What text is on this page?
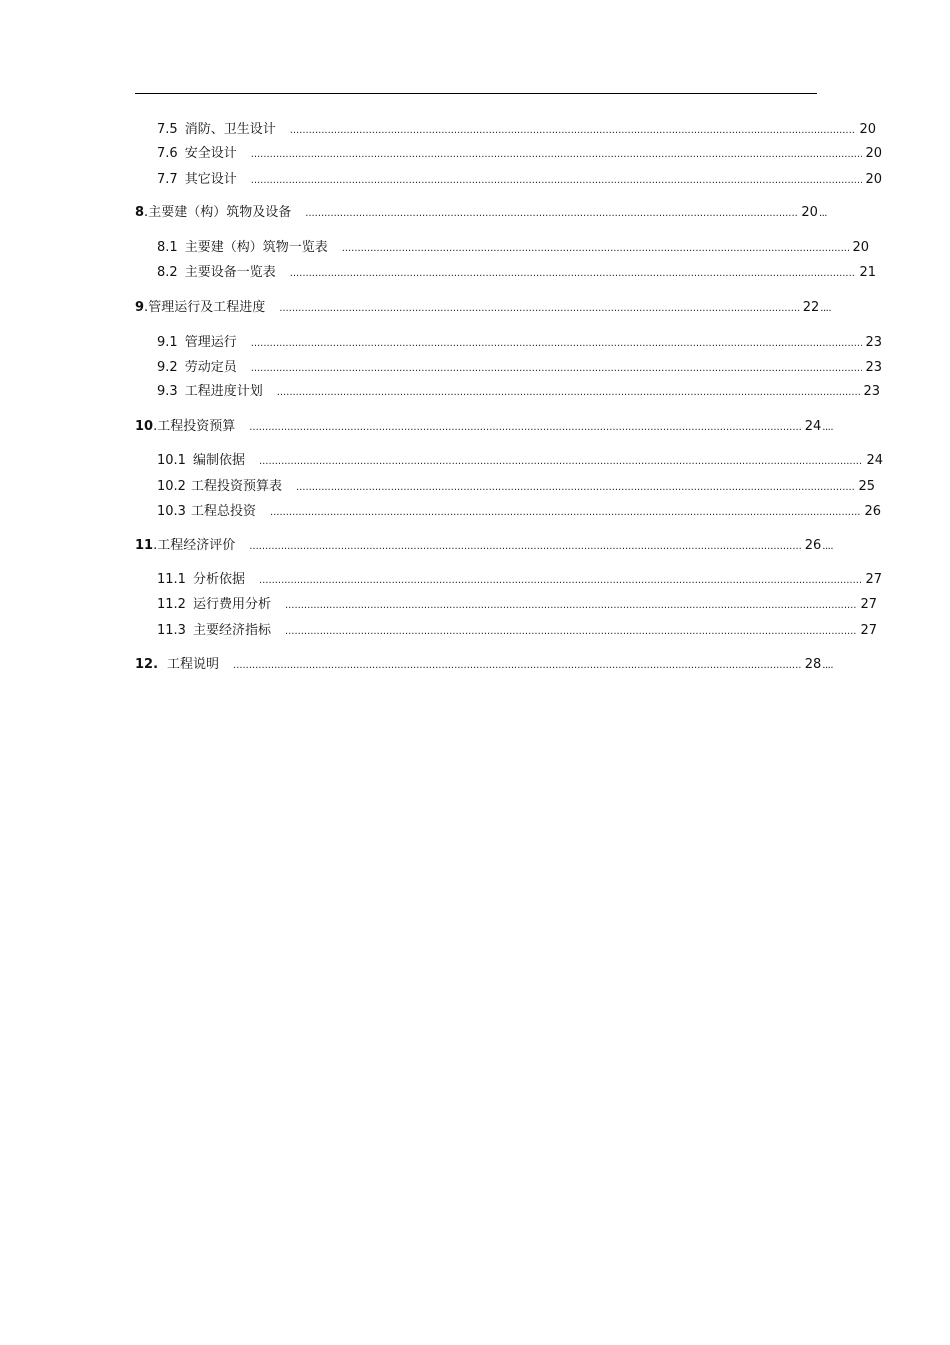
7.5 消防、卫生设计 . . .	20
7.6 安全设计 . . .	20
7.7 其它设计 . . .	20
8 . 主要建（构）筑物及设备 . . .	20 ...
8.1 主要建（构）筑物一览表 . . .	20
8.2 主要设备一览表 . . .	21
9 . 管理运行及工程进度 . . .	22 ....
9.1 管理运行 . . .	23
9.2 劳动定员 . . .	23
9.3 工程进度计划 . . .	23
10 . 工程投资预算 . . .	24 ....
10.1 编制依据 . . .	24
10.2 工程投资预算表 . . .	25
10.3 工程总投资 . . .	26
11 . 工程经济评价 . . .	26 ....
11.1 分析依据 . . .	27
11.2 运行费用分析 . . .	27
11.3 主要经济指标 . . .	27
12. 工程说明 . . .	28 ....
